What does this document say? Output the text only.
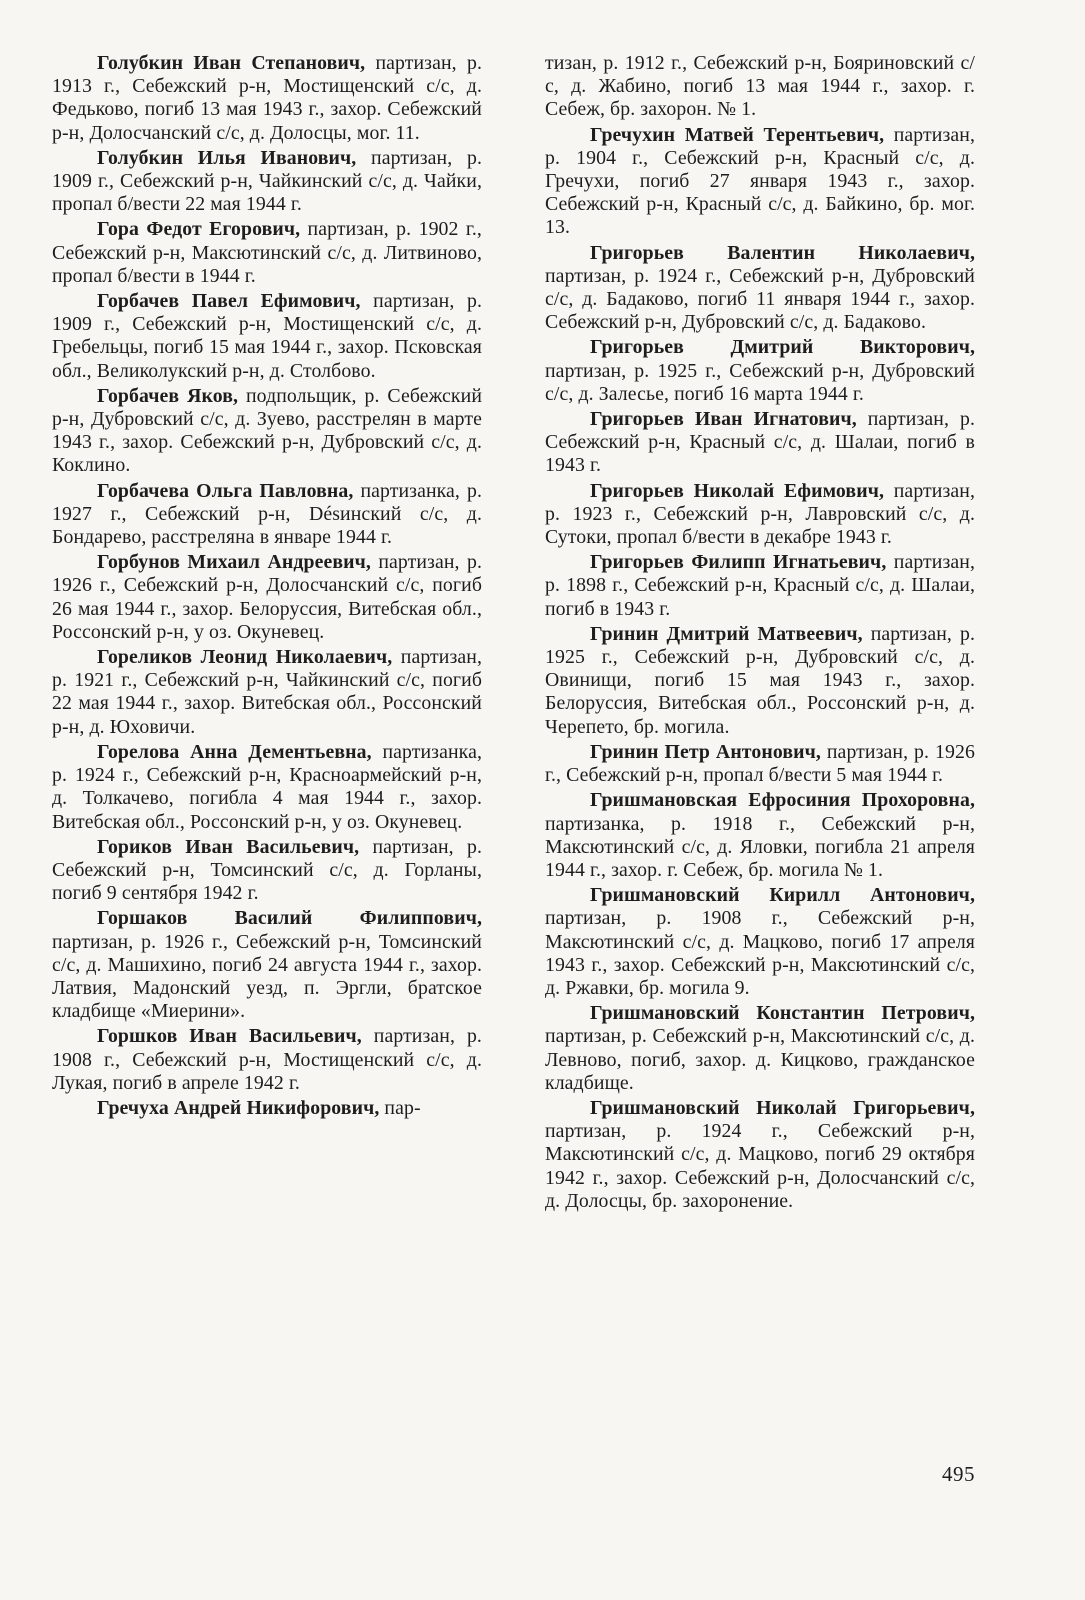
Голубкин Иван Степанович, партизан, р. 1913 г., Себежский р-н, Мостищенский с/с, д. Федьково, погиб 13 мая 1943 г., захор. Себежский р-н, Долосчанский с/с, д. Долосцы, мог. 11.

Голубкин Илья Иванович, партизан, р. 1909 г., Себежский р-н, Чайкинский с/с, д. Чайки, пропал б/вести 22 мая 1944 г.

Гора Федот Егорович, партизан, р. 1902 г., Себежский р-н, Максютинский с/с, д. Литвиново, пропал б/вести в 1944 г.

Горбачев Павел Ефимович, партизан, р. 1909 г., Себежский р-н, Мостищенский с/с, д. Гребельцы, погиб 15 мая 1944 г., захор. Псковская обл., Великолукский р-н, д. Столбово.

Горбачев Яков, подпольщик, р. Себежский р-н, Дубровский с/с, д. Зуево, расстрелян в марте 1943 г., захор. Себежский р-н, Дубровский с/с, д. Коклино.

Горбачева Ольга Павловна, партизанка, р. 1927 г., Себежский р-н, Désинский с/с, д. Бондарево, расстреляна в январе 1944 г.

Горбунов Михаил Андреевич, партизан, р. 1926 г., Себежский р-н, Долосчанский с/с, погиб 26 мая 1944 г., захор. Белоруссия, Витебская обл., Россонский р-н, у оз. Окуневец.

Гореликов Леонид Николаевич, партизан, р. 1921 г., Себежский р-н, Чайкинский с/с, погиб 22 мая 1944 г., захор. Витебская обл., Россонский р-н, д. Юховичи.

Горелова Анна Дементьевна, партизанка, р. 1924 г., Себежский р-н, Красноармейский р-н, д. Толкачево, погибла 4 мая 1944 г., захор. Витебская обл., Россонский р-н, у оз. Окуневец.

Гориков Иван Васильевич, партизан, р. Себежский р-н, Томсинский с/с, д. Горланы, погиб 9 сентября 1942 г.

Горшаков Василий Филиппович, партизан, р. 1926 г., Себежский р-н, Томсинский с/с, д. Машихино, погиб 24 августа 1944 г., захор. Латвия, Мадонский уезд, п. Эргли, братское кладбище «Миерини».

Горшков Иван Васильевич, партизан, р. 1908 г., Себежский р-н, Мостищенский с/с, д. Лукая, погиб в апреле 1942 г.

Гречуха Андрей Никифорович, пар-

тизан, р. 1912 г., Себежский р-н, Бояриновский с/с, д. Жабино, погиб 13 мая 1944 г., захор. г. Себеж, бр. захорон. № 1.

Гречухин Матвей Терентьевич, партизан, р. 1904 г., Себежский р-н, Красный с/с, д. Гречухи, погиб 27 января 1943 г., захор. Себежский р-н, Красный с/с, д. Байкино, бр. мог. 13.

Григорьев Валентин Николаевич, партизан, р. 1924 г., Себежский р-н, Дубровский с/с, д. Бадаково, погиб 11 января 1944 г., захор. Себежский р-н, Дубровский с/с, д. Бадаково.

Григорьев Дмитрий Викторович, партизан, р. 1925 г., Себежский р-н, Дубровский с/с, д. Залесье, погиб 16 марта 1944 г.

Григорьев Иван Игнатович, партизан, р. Себежский р-н, Красный с/с, д. Шалаи, погиб в 1943 г.

Григорьев Николай Ефимович, партизан, р. 1923 г., Себежский р-н, Лавровский с/с, д. Сутоки, пропал б/вести в декабре 1943 г.

Григорьев Филипп Игнатьевич, партизан, р. 1898 г., Себежский р-н, Красный с/с, д. Шалаи, погиб в 1943 г.

Гринин Дмитрий Матвеевич, партизан, р. 1925 г., Себежский р-н, Дубровский с/с, д. Овинищи, погиб 15 мая 1943 г., захор. Белоруссия, Витебская обл., Россонский р-н, д. Черепето, бр. могила.

Гринин Петр Антонович, партизан, р. 1926 г., Себежский р-н, пропал б/вести 5 мая 1944 г.

Гришмановская Ефросиния Прохоровна, партизанка, р. 1918 г., Себежский р-н, Максютинский с/с, д. Яловки, погибла 21 апреля 1944 г., захор. г. Себеж, бр. могила № 1.

Гришмановский Кирилл Антонович, партизан, р. 1908 г., Себежский р-н, Максютинский с/с, д. Мацково, погиб 17 апреля 1943 г., захор. Себежский р-н, Максютинский с/с, д. Ржавки, бр. могила 9.

Гришмановский Константин Петрович, партизан, р. Себежский р-н, Максютинский с/с, д. Левново, погиб, захор. д. Кицково, гражданское кладбище.

Гришмановский Николай Григорьевич, партизан, р. 1924 г., Себежский р-н, Максютинский с/с, д. Мацково, погиб 29 октября 1942 г., захор. Себежский р-н, Долосчанский с/с, д. Долосцы, бр. захоронение.

495
